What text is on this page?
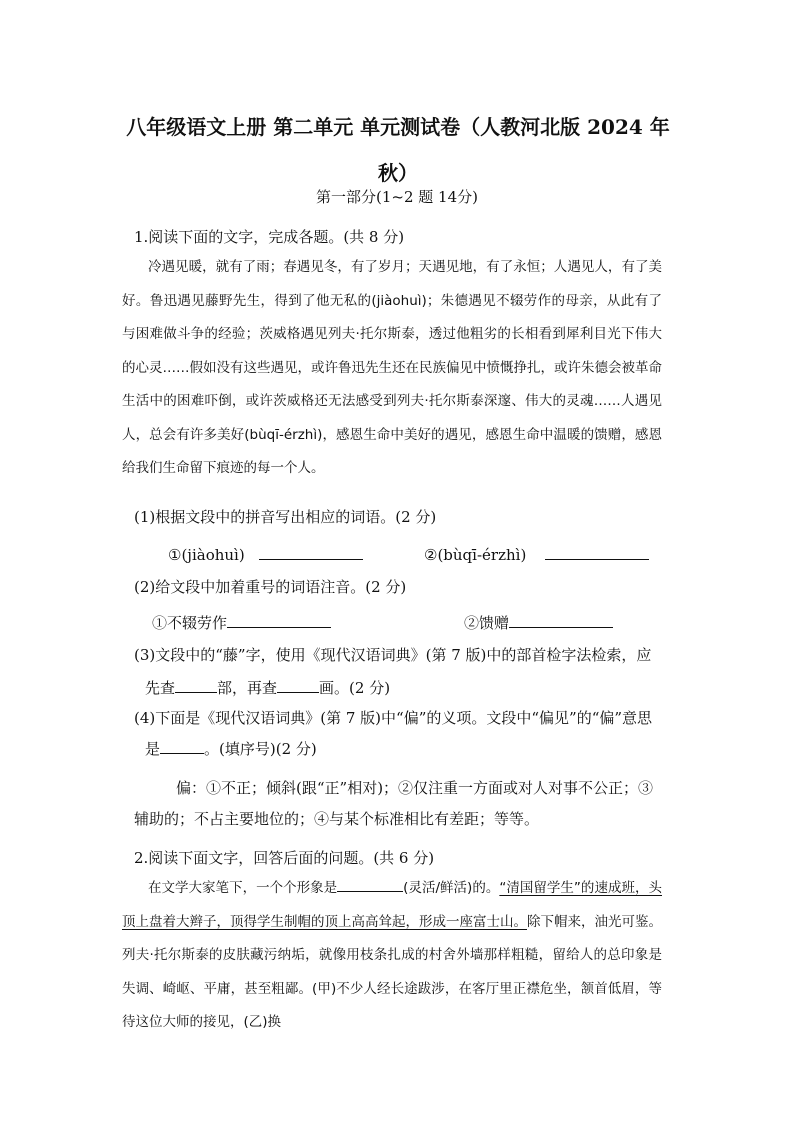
八年级语文上册 第二单元 单元测试卷（人教河北版 2024 年秋）
第一部分(1~2 题 14分)
1.阅读下面的文字，完成各题。(共 8 分)
冷遇见暖，就有了雨；春遇见冬，有了岁月；天遇见地，有了永恒；人遇见人，有了美好。鲁迅遇见藤野先生，得到了他无私的(jiàohuì)；朱德遇见不辍劳作的母亲，从此有了与困难做斗争的经验；茨威格遇见列夫·托尔斯泰，透过他粗劣的长相看到犀利目光下伟大的心灵……假如没有这些遇见，或许鲁迅先生还在民族偏见中愤慨挣扎，或许朱德会被革命生活中的困难吓倒，或许茨威格还无法感受到列夫·托尔斯泰深邃、伟大的灵魂……人遇见人，总会有许多美好(bùqī-érzhì)，感恩生命中美好的遇见，感恩生命中温暖的馈赠，感恩给我们生命留下痕迹的每一个人。
(1)根据文段中的拼音写出相应的词语。(2 分)
①(jiàohuì)	②(bùqī-érzhì)
(2)给文段中加着重号的词语注音。(2 分)
①不辍劳作	②馈赠
(3)文段中的“藤”字，使用《现代汉语词典》(第 7 版)中的部首检字法检索，应
先查	部，再查	画。(2 分)
(4)下面是《现代汉语词典》(第 7 版)中“偏”的义项。文段中“偏见”的“偏”意思
是	。(填序号)(2 分)
偏：①不正；倾斜(跟“正”相对)；②仅注重一方面或对人对事不公正；③
辅助的；不占主要地位的；④与某个标准相比有差距；等等。
2.阅读下面文字，回答后面的问题。(共 6 分)
在文学大家笔下，一个个形象是	(灵活/鲜活)的。“清国留学生”的速成班，头顶上盘着大辫子，顶得学生制帽的顶上高高耸起，形成一座富士山。除下帽来，油光可鉴。列夫·托尔斯泰的皮肤藏污纳垢，就像用枝条扎成的村舍外墙那样粗糙，留给人的总印象是失调、崎岖、平庸，甚至粗鄙。(甲)不少人经长途跋涉，在客厅里正襟危坐，颔首低眉，等待这位大师的接见，(乙)换
